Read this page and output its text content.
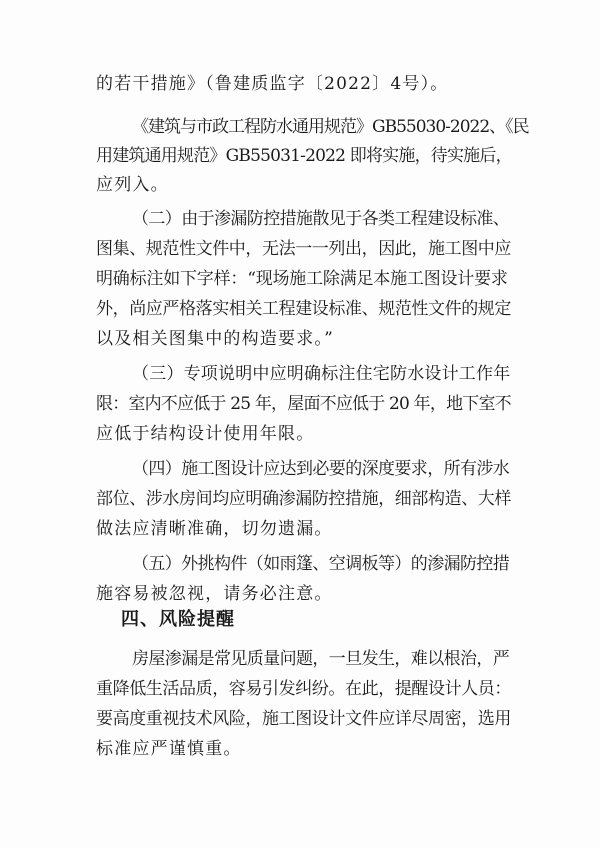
的若干措施》（鲁建质监字〔2022〕4号）。
《建筑与市政工程防水通用规范》GB55030-2022、《民
用建筑通用规范》GB55031-2022 即将实施，待实施后，
应列入。
（二）由于渗漏防控措施散见于各类工程建设标准、
图集、规范性文件中，无法一一列出，因此，施工图中应
明确标注如下字样：“现场施工除满足本施工图设计要求
外，尚应严格落实相关工程建设标准、规范性文件的规定
以及相关图集中的构造要求。”
（三）专项说明中应明确标注住宅防水设计工作年
限：室内不应低于 25 年，屋面不应低于 20 年，地下室不
应低于结构设计使用年限。
（四）施工图设计应达到必要的深度要求，所有涉水
部位、涉水房间均应明确渗漏防控措施，细部构造、大样
做法应清晰准确，切勿遗漏。
（五）外挑构件（如雨篷、空调板等）的渗漏防控措
施容易被忽视，请务必注意。
四、风险提醒
房屋渗漏是常见质量问题，一旦发生，难以根治，严
重降低生活品质，容易引发纠纷。在此，提醒设计人员：
要高度重视技术风险，施工图设计文件应详尽周密，选用
标准应严谨慎重。
